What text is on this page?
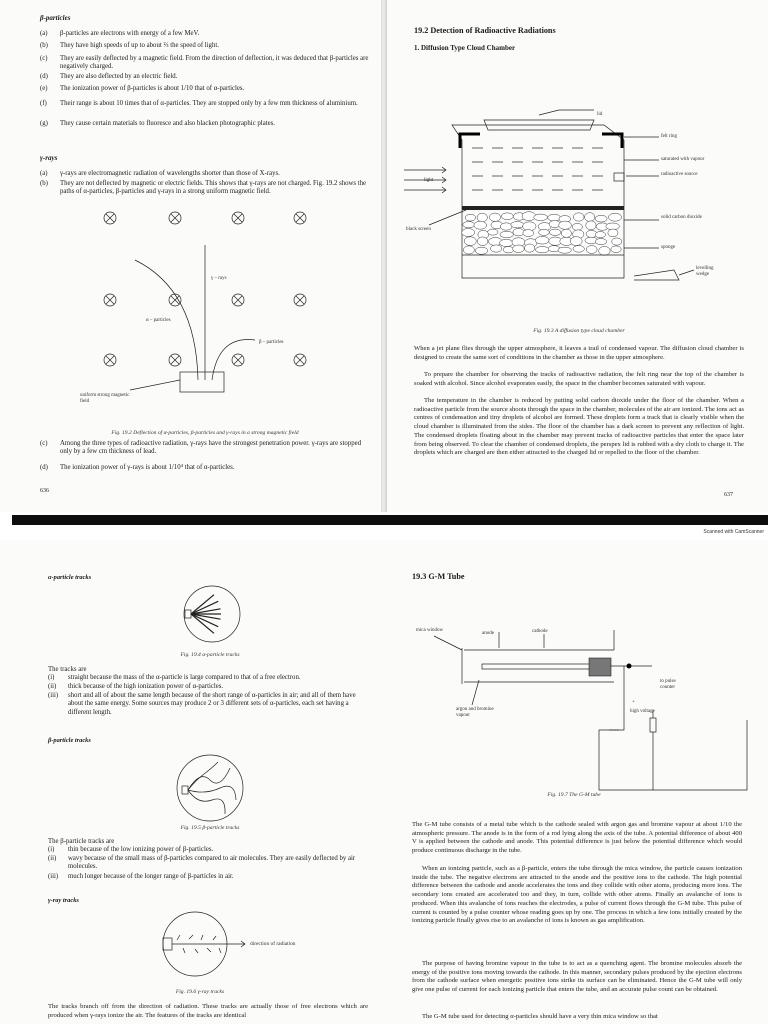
β-particles
(a) β-particles are electrons with energy of a few MeV.
(b) They have high speeds of up to about ⅔ the speed of light.
(c) They are easily deflected by a magnetic field. From the direction of deflection, it was deduced that β-particles are negatively charged.
(d) They are also deflected by an electric field.
(e) The ionization power of β-particles is about 1/10 that of α-particles.
(f) Their range is about 10 times that of α-particles. They are stopped only by a few mm thickness of aluminium.
(g) They cause certain materials to fluoresce and also blacken photographic plates.
γ-rays
(a) γ-rays are electromagnetic radiation of wavelengths shorter than those of X-rays.
(b) They are not deflected by magnetic or electric fields. This shows that γ-rays are not charged. Fig. 19.2 shows the paths of α-particles, β-particles and γ-rays in a strong uniform magnetic field.
γ – rays
α – particles
β – particles
uniform strong magnetic field
Fig. 19.2 Deflection of α-particles, β-particles and γ-rays in a strong magnetic field
(c) Among the three types of radioactive radiation, γ-rays have the strongest penetration power. γ-rays are stopped only by a few cm thickness of lead.
(d) The ionization power of γ-rays is about 1/10⁴ that of α-particles.
636
19.2 Detection of Radioactive Radiations
1. Diffusion Type Cloud Chamber
lid
felt ring
saturated with vapour
radioactive source
light
solid carbon dioxide
black screen
sponge
levelling wedge
Fig. 19.3 A diffusion type cloud chamber
When a jet plane flies through the upper atmosphere, it leaves a trail of condensed vapour. The diffusion cloud chamber is designed to create the same sort of conditions in the chamber as those in the upper atmosphere.
To prepare the chamber for observing the tracks of radioactive radiation, the felt ring near the top of the chamber is soaked with alcohol. Since alcohol evaporates easily, the space in the chamber becomes saturated with vapour.
The temperature in the chamber is reduced by putting solid carbon dioxide under the floor of the chamber. When a radioactive particle from the source shoots through the space in the chamber, molecules of the air are ionized. The ions act as centres of condensation and tiny droplets of alcohol are formed. These droplets form a track that is clearly visible when the cloud chamber is illuminated from the sides. The floor of the chamber has a dark screen to prevent any reflection of light. The condensed droplets floating about in the chamber may prevent tracks of radioactive particles that enter the space later from being observed. To clear the chamber of condensed droplets, the perspex lid is rubbed with a dry cloth to charge it. The droplets which are charged are then either attracted to the charged lid or repelled to the floor of the chamber.
637
Scanned with CamScanner
α-particle tracks
Fig. 19.4 α-particle tracks
The tracks are
(i) straight because the mass of the α-particle is large compared to that of a free electron.
(ii) thick because of the high ionization power of α-particles.
(iii) short and all of about the same length because of the short range of α-particles in air; and all of them have about the same energy. Some sources may produce 2 or 3 different sets of α-particles, each set having a different length.
β-particle tracks
Fig. 19.5 β-particle tracks
The β-particle tracks are
(i) thin because of the low ionizing power of β-particles.
(ii) wavy because of the small mass of β-particles compared to air molecules. They are easily deflected by air molecules.
(iii) much longer because of the longer range of β-particles in air.
γ-ray tracks
direction of radiation
Fig. 19.6 γ-ray tracks
The tracks branch off from the direction of radiation. These tracks are actually those of free electrons which are produced when γ-rays ionize the air. The features of the tracks are identical
19.3 G-M Tube
mica window
anode	cathode
to pulse counter
argon and bromine vapour
+
high voltage
Fig. 19.7 The G-M tube
The G-M tube consists of a metal tube which is the cathode sealed with argon gas and bromine vapour at about 1/10 the atmospheric pressure. The anode is in the form of a rod lying along the axis of the tube. A potential difference of about 400 V is applied between the cathode and anode. This potential difference is just below the potential difference which would produce continuous discharge in the tube.
When an ionizing particle, such as a β-particle, enters the tube through the mica window, the particle causes ionization inside the tube. The negative electrons are attracted to the anode and the positive ions to the cathode. The high potential difference between the cathode and anode accelerates the ions and they collide with other atoms, producing more ions. The secondary ions created are accelerated too and they, in turn, collide with other atoms. Finally an avalanche of ions is produced. When this avalanche of ions reaches the electrodes, a pulse of current flows through the G-M tube. This pulse of current is counted by a pulse counter whose reading goes up by one. The process in which a few ions initially created by the ionizing particle finally gives rise to an avalanche of ions is known as gas amplification.
The purpose of having bromine vapour in the tube is to act as a quenching agent. The bromine molecules absorb the energy of the positive ions moving towards the cathode. In this manner, secondary pulses produced by the ejection electrons from the cathode surface when energetic positive ions strike its surface can be eliminated. Hence the G-M tube will only give one pulse of current for each ionizing particle that enters the tube, and an accurate pulse count can be obtained.
The G-M tube used for detecting α-particles should have a very thin mica window so that
